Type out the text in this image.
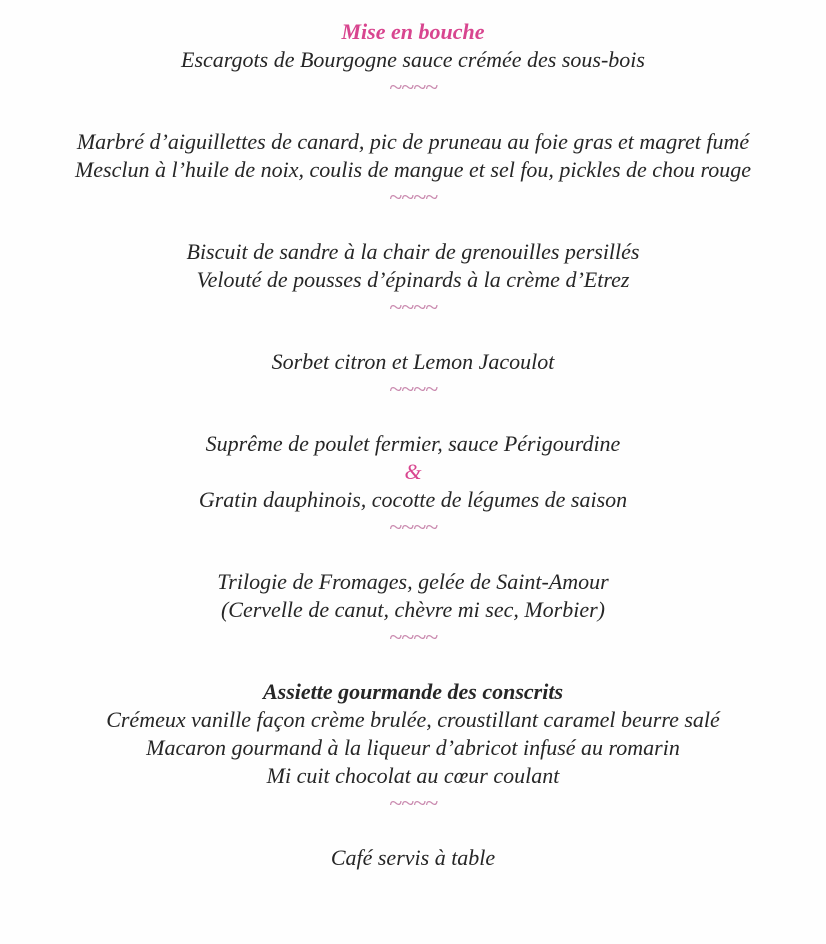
Mise en bouche

Escargots de Bourgogne sauce crémée des sous-bois

~~~~

Marbré d’aiguillettes de canard, pic de pruneau au foie gras et magret fumé

Mesclun à l’huile de noix, coulis de mangue et sel fou, pickles de chou rouge

~~~~

Biscuit de sandre à la chair de grenouilles persillés

Velouté de pousses d’épinards à la crème d’Etrez

~~~~

Sorbet citron et Lemon Jacoulot

~~~~

Suprême de poulet fermier, sauce Périgourdine

&

Gratin dauphinois, cocotte de légumes de saison

~~~~

Trilogie de Fromages, gelée de Saint-Amour

(Cervelle de canut, chèvre mi sec, Morbier)

~~~~
Assiette gourmande des conscrits

Crémeux vanille façon crème brulée, croustillant caramel beurre salé

Macaron gourmand à la liqueur d’abricot infusé au romarin

Mi cuit chocolat au cœur coulant

~~~~

Café servis à table
